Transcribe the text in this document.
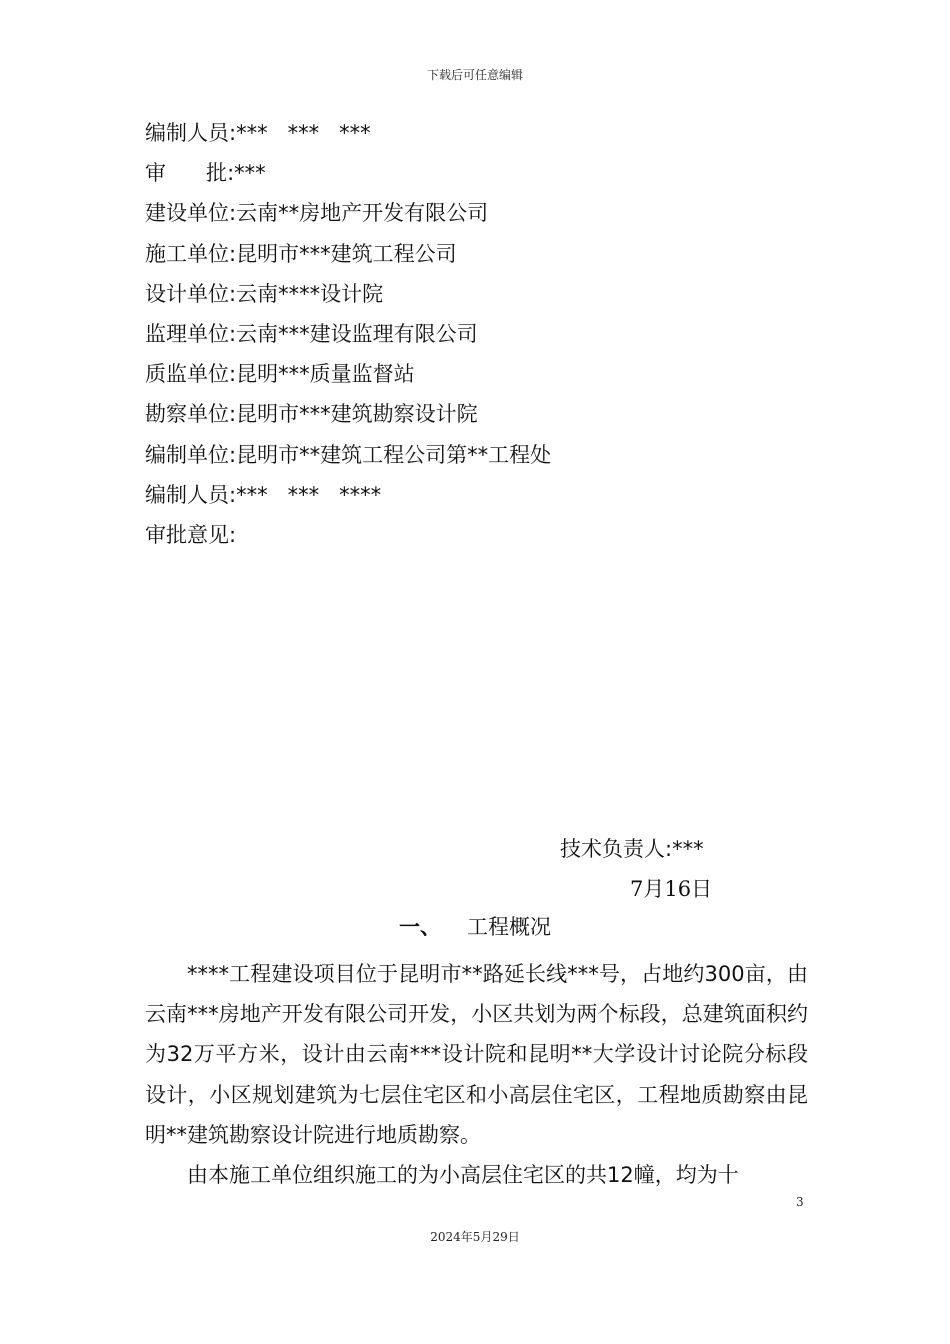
下载后可任意编辑
编制人员:***   ***   ***
审      批:***
建设单位:云南**房地产开发有限公司
施工单位:昆明市***建筑工程公司
设计单位:云南****设计院
监理单位:云南***建设监理有限公司
质监单位:昆明***质量监督站
勘察单位:昆明市***建筑勘察设计院
编制单位:昆明市**建筑工程公司第**工程处
编制人员:***   ***   ****
审批意见:
技术负责人:***
7月16日
一、 工程概况

****工程建设项目位于昆明市**路延长线***号，占地约300亩，由云南***房地产开发有限公司开发，小区共划为两个标段，总建筑面积约为32万平方米，设计由云南***设计院和昆明**大学设计讨论院分标段设计，小区规划建筑为七层住宅区和小高层住宅区，工程地质勘察由昆明**建筑勘察设计院进行地质勘察。

由本施工单位组织施工的为小高层住宅区的共12幢，均为十

3
2024年5月29日
